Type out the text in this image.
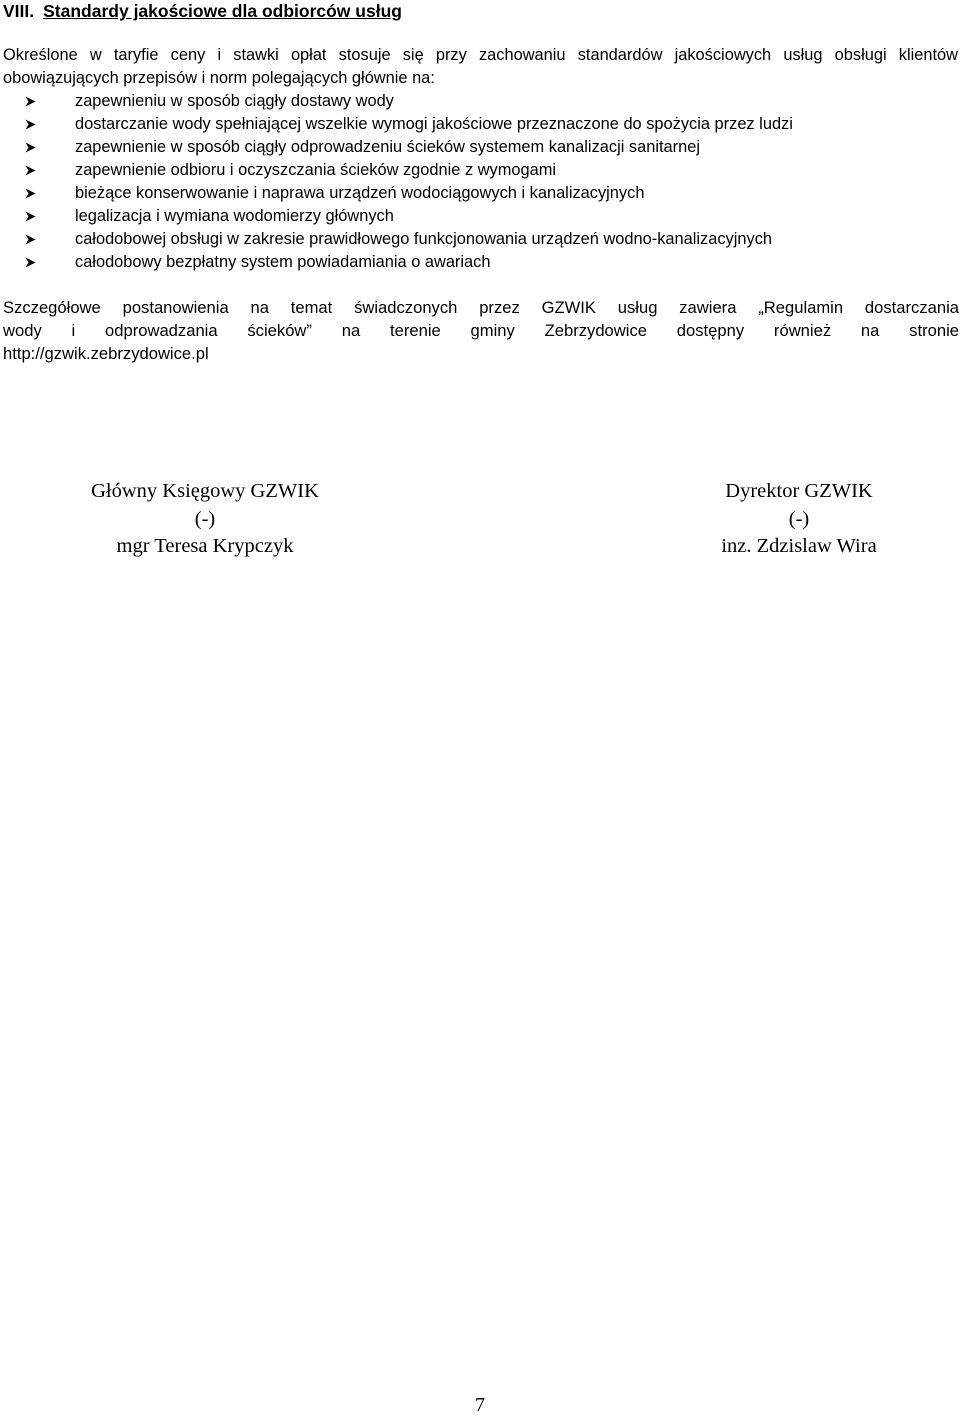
VIII. Standardy jakościowe dla odbiorców usług

Określone w taryfie ceny i stawki opłat stosuje się przy zachowaniu standardów jakościowych usług obsługi klientów obowiązujących przepisów i norm polegających głównie na:

zapewnieniu w sposób ciągły dostawy wody
dostarczanie wody spełniającej wszelkie wymogi jakościowe przeznaczone do spożycia przez ludzi
zapewnienie w sposób ciągły odprowadzeniu ścieków systemem kanalizacji sanitarnej
zapewnienie odbioru i oczyszczania ścieków zgodnie z wymogami
bieżące konserwowanie i naprawa urządzeń wodociągowych i kanalizacyjnych
legalizacja i wymiana wodomierzy głównych
całodobowej obsługi w zakresie prawidłowego funkcjonowania urządzeń wodno-kanalizacyjnych
całodobowy bezpłatny system powiadamiania o awariach
Szczegółowe postanowienia na temat świadczonych przez GZWIK usług zawiera „Regulamin dostarczania
wody i odprowadzania ścieków” na terenie gminy Zebrzydowice dostępny również na stronie
http://gzwik.zebrzydowice.pl
Główny Księgowy GZWIK
(-)
mgr Teresa Krypczyk
Dyrektor GZWIK
(-)
inz. Zdzislaw Wira
7
